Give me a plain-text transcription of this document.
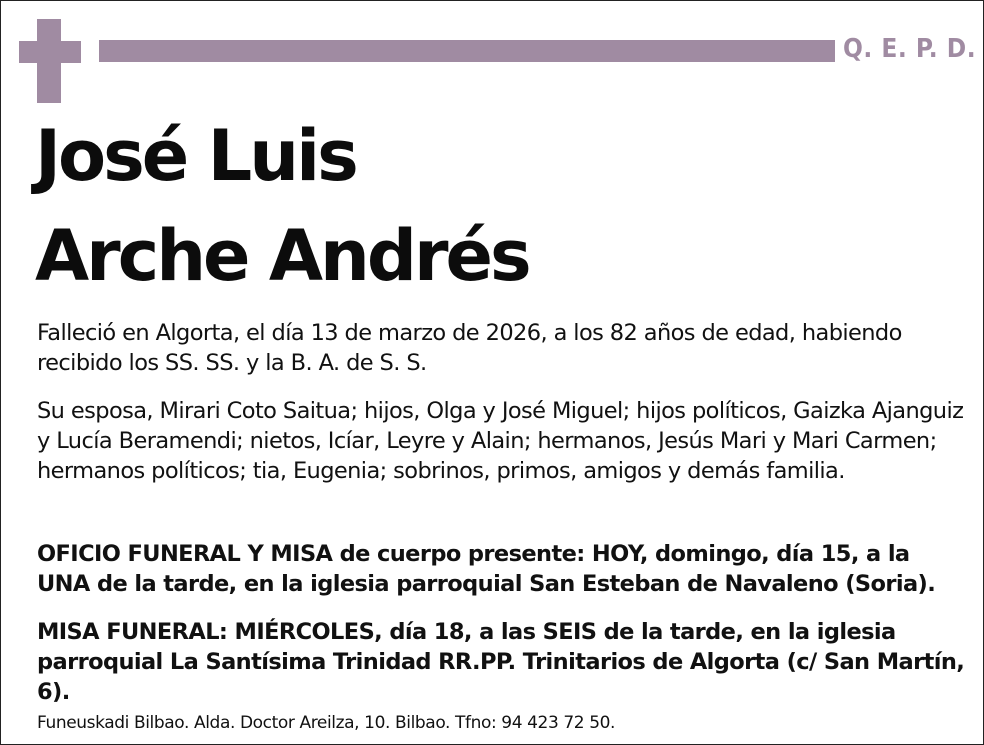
Q. E. P. D.
José Luis
Arche Andrés

Falleció en Algorta, el día 13 de marzo de 2026, a los 82 años de edad, habiendo recibido los SS. SS. y la B. A. de S. S.

Su esposa, Mirari Coto Saitua; hijos, Olga y José Miguel; hijos políticos, Gaizka Ajanguiz y Lucía Beramendi; nietos, Icíar, Leyre y Alain; hermanos, Jesús Mari y Mari Carmen; hermanos políticos; tia, Eugenia; sobrinos, primos, amigos y demás familia.

OFICIO FUNERAL Y MISA de cuerpo presente: HOY, domingo, día 15, a la UNA de la tarde, en la iglesia parroquial San Esteban de Navaleno (Soria).

MISA FUNERAL: MIÉRCOLES, día 18, a las SEIS de la tarde, en la iglesia parroquial La Santísima Trinidad RR.PP. Trinitarios de Algorta (c/ San Martín, 6).

Funeuskadi Bilbao. Alda. Doctor Areilza, 10. Bilbao. Tfno: 94 423 72 50.
